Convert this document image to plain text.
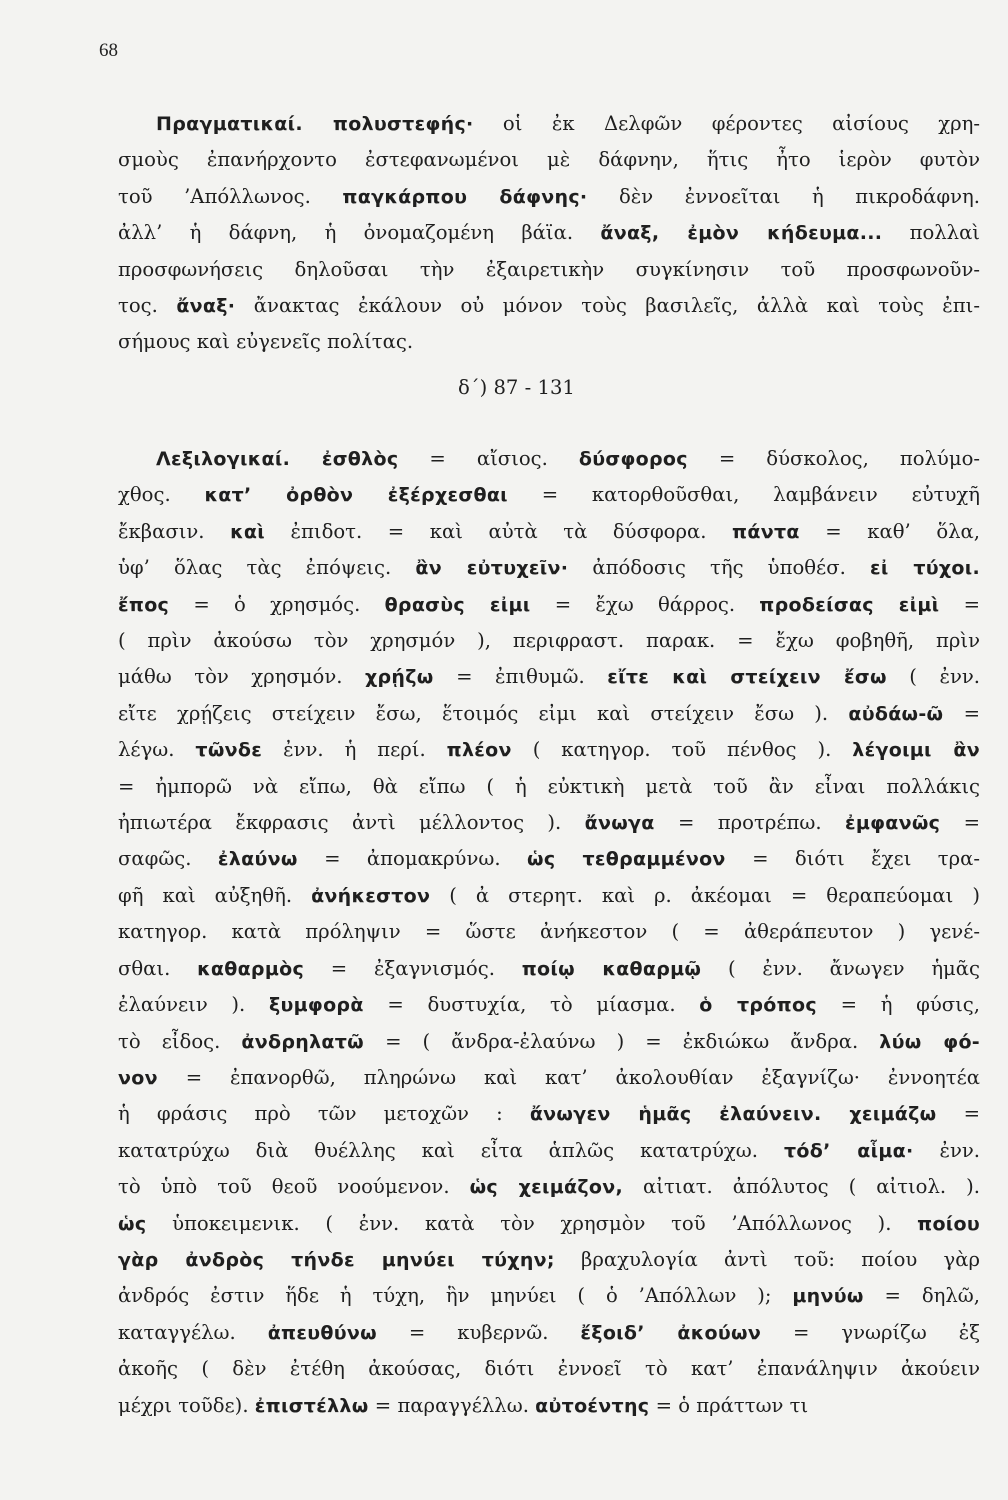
68
Πραγματικαί. πολυστεφής· οἱ ἐκ Δελφῶν φέροντες αἰσίους χρη-
σμοὺς ἐπανήρχοντο ἐστεφανωμένοι μὲ δάφνην, ἥτις ἦτο ἱερὸν φυτὸν
τοῦ ’Απόλλωνος. παγκάρπου δάφνης· δὲν ἐννοεῖται ἡ πικροδάφνη.
ἀλλ’ ἡ δάφνη, ἡ ὀνομαζομένη βάϊα. ἄναξ, ἐμὸν κήδευμα... πολλαὶ
προσφωνήσεις δηλοῦσαι τὴν ἐξαιρετικὴν συγκίνησιν τοῦ προσφωνοῦν-
τος. ἄναξ· ἄνακτας ἐκάλουν οὐ μόνον τοὺς βασιλεῖς, ἀλλὰ καὶ τοὺς ἐπι-
σήμους καὶ εὐγενεῖς πολίτας.
δ΄) 87 - 131
Λεξιλογικαί. ἐσθλὸς = αἴσιος. δύσφορος = δύσκολος, πολύμο-
χθος. κατ’ ὀρθὸν ἐξέρχεσθαι = κατορθοῦσθαι, λαμβάνειν εὐτυχῆ
ἔκβασιν. καὶ ἐπιδοτ. = καὶ αὐτὰ τὰ δύσφορα. πάντα = καθ’ ὅλα,
ὑφ’ ὅλας τὰς ἐπόψεις. ἂν εὐτυχεῖν· ἀπόδοσις τῆς ὑποθέσ. εἰ τύχοι.
ἔπος = ὁ χρησμός. θρασὺς εἰμι = ἔχω θάρρος. προδείσας εἰμὶ =
( πρὶν ἀκούσω τὸν χρησμόν ), περιφραστ. παρακ. = ἔχω φοβηθῆ, πρὶν
μάθω τὸν χρησμόν. χρῄζω = ἐπιθυμῶ. εἴτε καὶ στείχειν ἔσω ( ἐνν.
εἴτε χρῄζεις στείχειν ἔσω, ἕτοιμός εἰμι καὶ στείχειν ἔσω ). αὐδάω-ῶ =
λέγω. τῶνδε ἐνν. ἡ περί. πλέον ( κατηγορ. τοῦ πένθος ). λέγοιμι ἂν
= ἠμπορῶ νὰ εἴπω, θὰ εἴπω ( ἡ εὐκτικὴ μετὰ τοῦ ἂν εἶναι πολλάκις
ἠπιωτέρα ἔκφρασις ἀντὶ μέλλοντος ). ἄνωγα = προτρέπω. ἐμφανῶς =
σαφῶς. ἐλαύνω = ἀπομακρύνω. ὡς τεθραμμένον = διότι ἔχει τρα-
φῆ καὶ αὐξηθῆ. ἀνήκεστον ( ἀ στερητ. καὶ ρ. ἀκέομαι = θεραπεύομαι )
κατηγορ. κατὰ πρόληψιν = ὥστε ἀνήκεστον ( = ἀθεράπευτον ) γενέ-
σθαι. καθαρμὸς = ἐξαγνισμός. ποίῳ καθαρμῷ ( ἐνν. ἄνωγεν ἡμᾶς
ἐλαύνειν ). ξυμφορὰ = δυστυχία, τὸ μίασμα. ὁ τρόπος = ἡ φύσις,
τὸ εἶδος. ἀνδρηλατῶ = ( ἄνδρα-ἐλαύνω ) = ἐκδιώκω ἄνδρα. λύω φό-
νον = ἐπανορθῶ, πληρώνω καὶ κατ’ ἀκολουθίαν ἐξαγνίζω· ἐννοητέα
ἡ φράσις πρὸ τῶν μετοχῶν : ἄνωγεν ἡμᾶς ἐλαύνειν. χειμάζω =
κατατρύχω διὰ θυέλλης καὶ εἶτα ἁπλῶς κατατρύχω. τόδ’ αἷμα· ἐνν.
τὸ ὑπὸ τοῦ θεοῦ νοούμενον. ὡς χειμάζον, αἰτιατ. ἀπόλυτος ( αἰτιολ. ).
ὡς ὑποκειμενικ. ( ἐνν. κατὰ τὸν χρησμὸν τοῦ ’Απόλλωνος ). ποίου
γὰρ ἀνδρὸς τήνδε μηνύει τύχην; βραχυλογία ἀντὶ τοῦ: ποίου γὰρ
ἀνδρός ἐστιν ἥδε ἡ τύχη, ἣν μηνύει ( ὁ ’Απόλλων ); μηνύω = δηλῶ,
καταγγέλω. ἀπευθύνω = κυβερνῶ. ἔξοιδ’ ἀκούων = γνωρίζω ἐξ
ἀκοῆς ( δὲν ἐτέθη ἀκούσας, διότι ἐννοεῖ τὸ κατ’ ἐπανάληψιν ἀκούειν
μέχρι τοῦδε). ἐπιστέλλω = παραγγέλλω. αὐτοέντης = ὁ πράττων τι
